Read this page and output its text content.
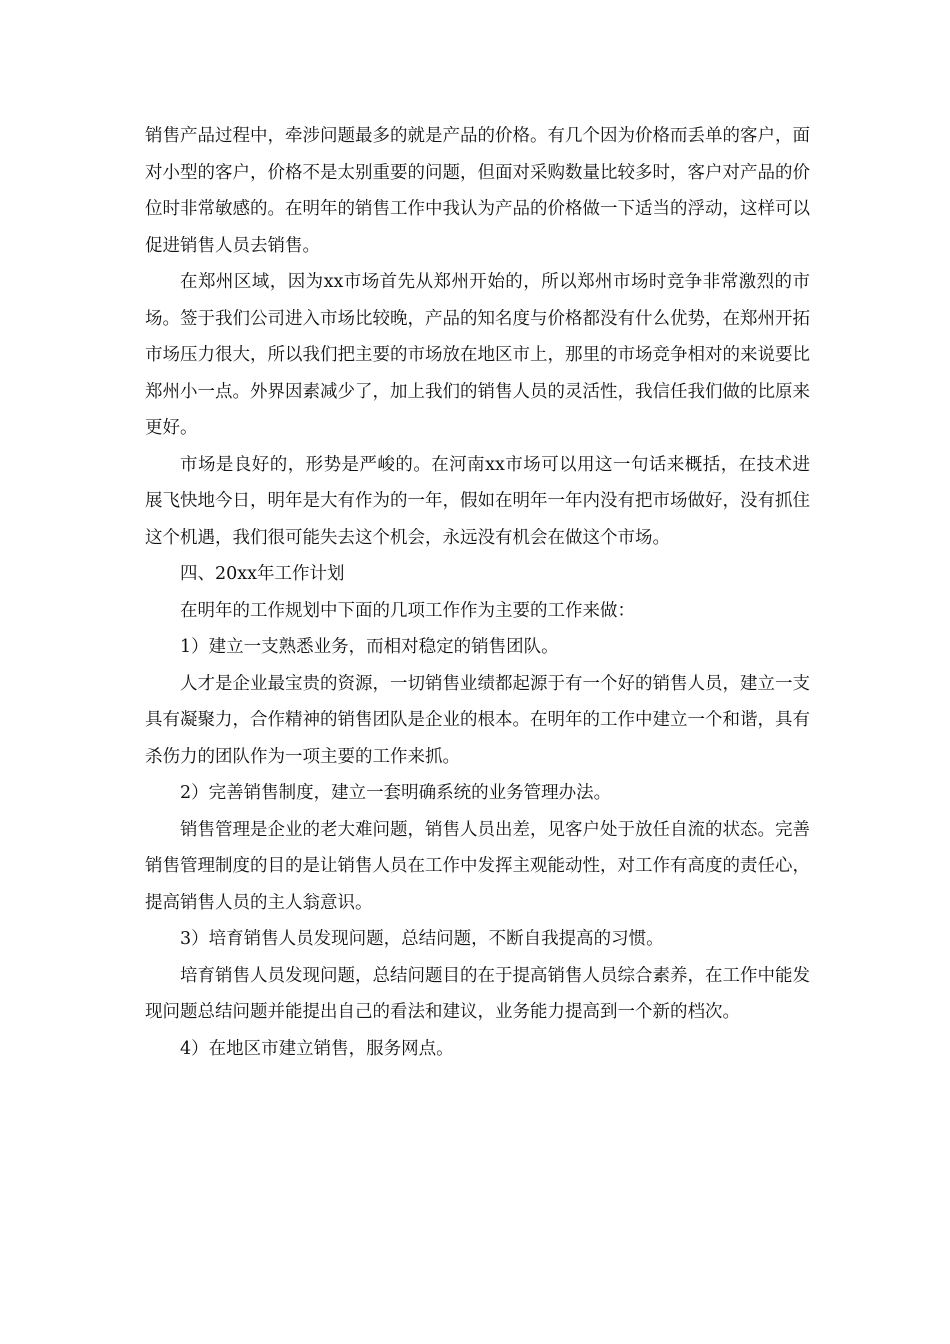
销售产品过程中，牵涉问题最多的就是产品的价格。有几个因为价格而丢单的客户，面对小型的客户，价格不是太别重要的问题，但面对采购数量比较多时，客户对产品的价位时非常敏感的。在明年的销售工作中我认为产品的价格做一下适当的浮动，这样可以促进销售人员去销售。

在郑州区域，因为xx市场首先从郑州开始的，所以郑州市场时竞争非常激烈的市场。签于我们公司进入市场比较晚，产品的知名度与价格都没有什么优势，在郑州开拓市场压力很大，所以我们把主要的市场放在地区市上，那里的市场竞争相对的来说要比郑州小一点。外界因素减少了，加上我们的销售人员的灵活性，我信任我们做的比原来更好。

市场是良好的，形势是严峻的。在河南xx市场可以用这一句话来概括，在技术进展飞快地今日，明年是大有作为的一年，假如在明年一年内没有把市场做好，没有抓住这个机遇，我们很可能失去这个机会，永远没有机会在做这个市场。

四、20xx年工作计划

在明年的工作规划中下面的几项工作作为主要的工作来做：

1）建立一支熟悉业务，而相对稳定的销售团队。

人才是企业最宝贵的资源，一切销售业绩都起源于有一个好的销售人员，建立一支具有凝聚力，合作精神的销售团队是企业的根本。在明年的工作中建立一个和谐，具有杀伤力的团队作为一项主要的工作来抓。

2）完善销售制度，建立一套明确系统的业务管理办法。

销售管理是企业的老大难问题，销售人员出差，见客户处于放任自流的状态。完善销售管理制度的目的是让销售人员在工作中发挥主观能动性，对工作有高度的责任心，提高销售人员的主人翁意识。

3）培育销售人员发现问题，总结问题，不断自我提高的习惯。

培育销售人员发现问题，总结问题目的在于提高销售人员综合素养，在工作中能发现问题总结问题并能提出自己的看法和建议，业务能力提高到一个新的档次。

4）在地区市建立销售，服务网点。
